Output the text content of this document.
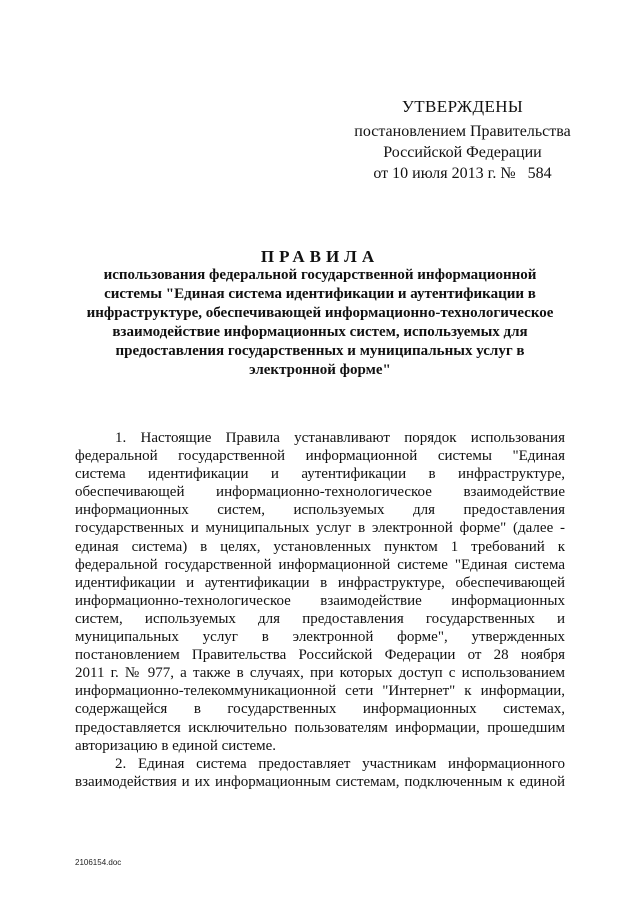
УТВЕРЖДЕНЫ
постановлением Правительства
Российской Федерации
от 10 июля 2013 г. №   584
ПРАВИЛА
использования федеральной государственной информационной
системы "Единая система идентификации и аутентификации в
инфраструктуре, обеспечивающей информационно-технологическое
взаимодействие информационных систем, используемых для
предоставления государственных и муниципальных услуг в
электронной форме"
1. Настоящие Правила устанавливают порядок использования
федеральной государственной информационной системы "Единая
система идентификации и аутентификации в инфраструктуре,
обеспечивающей информационно-технологическое взаимодействие
информационных систем, используемых для предоставления
государственных и муниципальных услуг в электронной форме" (далее -
единая система) в целях, установленных пунктом 1 требований к
федеральной государственной информационной системе "Единая система
идентификации и аутентификации в инфраструктуре, обеспечивающей
информационно-технологическое взаимодействие информационных
систем, используемых для предоставления государственных и
муниципальных услуг в электронной форме", утвержденных
постановлением Правительства Российской Федерации от 28 ноября
2011 г. № 977, а также в случаях, при которых доступ с использованием
информационно-телекоммуникационной сети "Интернет" к информации,
содержащейся в государственных информационных системах,
предоставляется исключительно пользователям информации, прошедшим
авторизацию в единой системе.
2. Единая система предоставляет участникам информационного
взаимодействия и их информационным системам, подключенным к единой
2106154.doc
